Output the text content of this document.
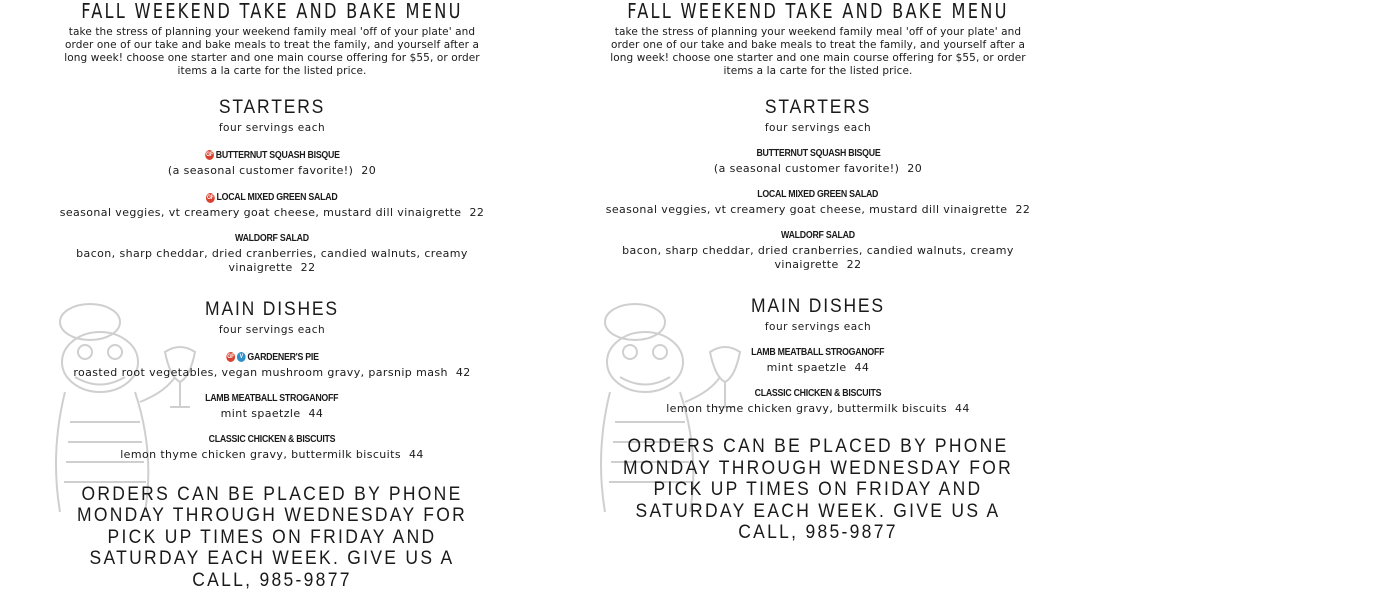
FALL WEEKEND TAKE AND BAKE MENU

take the stress of planning your weekend family meal 'off of your plate' and order one of our take and bake meals to treat the family, and yourself after a long week! choose one starter and one main course offering for $55, or order items a la carte for the listed price.

STARTERS
four servings each
GF BUTTERNUT SQUASH BISQUE
(a seasonal customer favorite!) 20
GF LOCAL MIXED GREEN SALAD
seasonal veggies, vt creamery goat cheese, mustard dill vinaigrette 22
WALDORF SALAD
bacon, sharp cheddar, dried cranberries, candied walnuts, creamy vinaigrette 22
MAIN DISHES
four servings each
GF V GARDENER'S PIE
roasted root vegetables, vegan mushroom gravy, parsnip mash 42
LAMB MEATBALL STROGANOFF
mint spaetzle 44
CLASSIC CHICKEN & BISCUITS
lemon thyme chicken gravy, buttermilk biscuits 44

ORDERS CAN BE PLACED BY PHONE MONDAY THROUGH WEDNESDAY FOR PICK UP TIMES ON FRIDAY AND SATURDAY EACH WEEK. GIVE US A CALL, 985-9877

FALL WEEKEND TAKE AND BAKE MENU

take the stress of planning your weekend family meal 'off of your plate' and order one of our take and bake meals to treat the family, and yourself after a long week! choose one starter and one main course offering for $55, or order items a la carte for the listed price.

STARTERS
four servings each
BUTTERNUT SQUASH BISQUE
(a seasonal customer favorite!) 20
LOCAL MIXED GREEN SALAD
seasonal veggies, vt creamery goat cheese, mustard dill vinaigrette 22
WALDORF SALAD
bacon, sharp cheddar, dried cranberries, candied walnuts, creamy vinaigrette 22
MAIN DISHES
four servings each
LAMB MEATBALL STROGANOFF
mint spaetzle 44
CLASSIC CHICKEN & BISCUITS
lemon thyme chicken gravy, buttermilk biscuits 44

ORDERS CAN BE PLACED BY PHONE MONDAY THROUGH WEDNESDAY FOR PICK UP TIMES ON FRIDAY AND SATURDAY EACH WEEK. GIVE US A CALL, 985-9877
